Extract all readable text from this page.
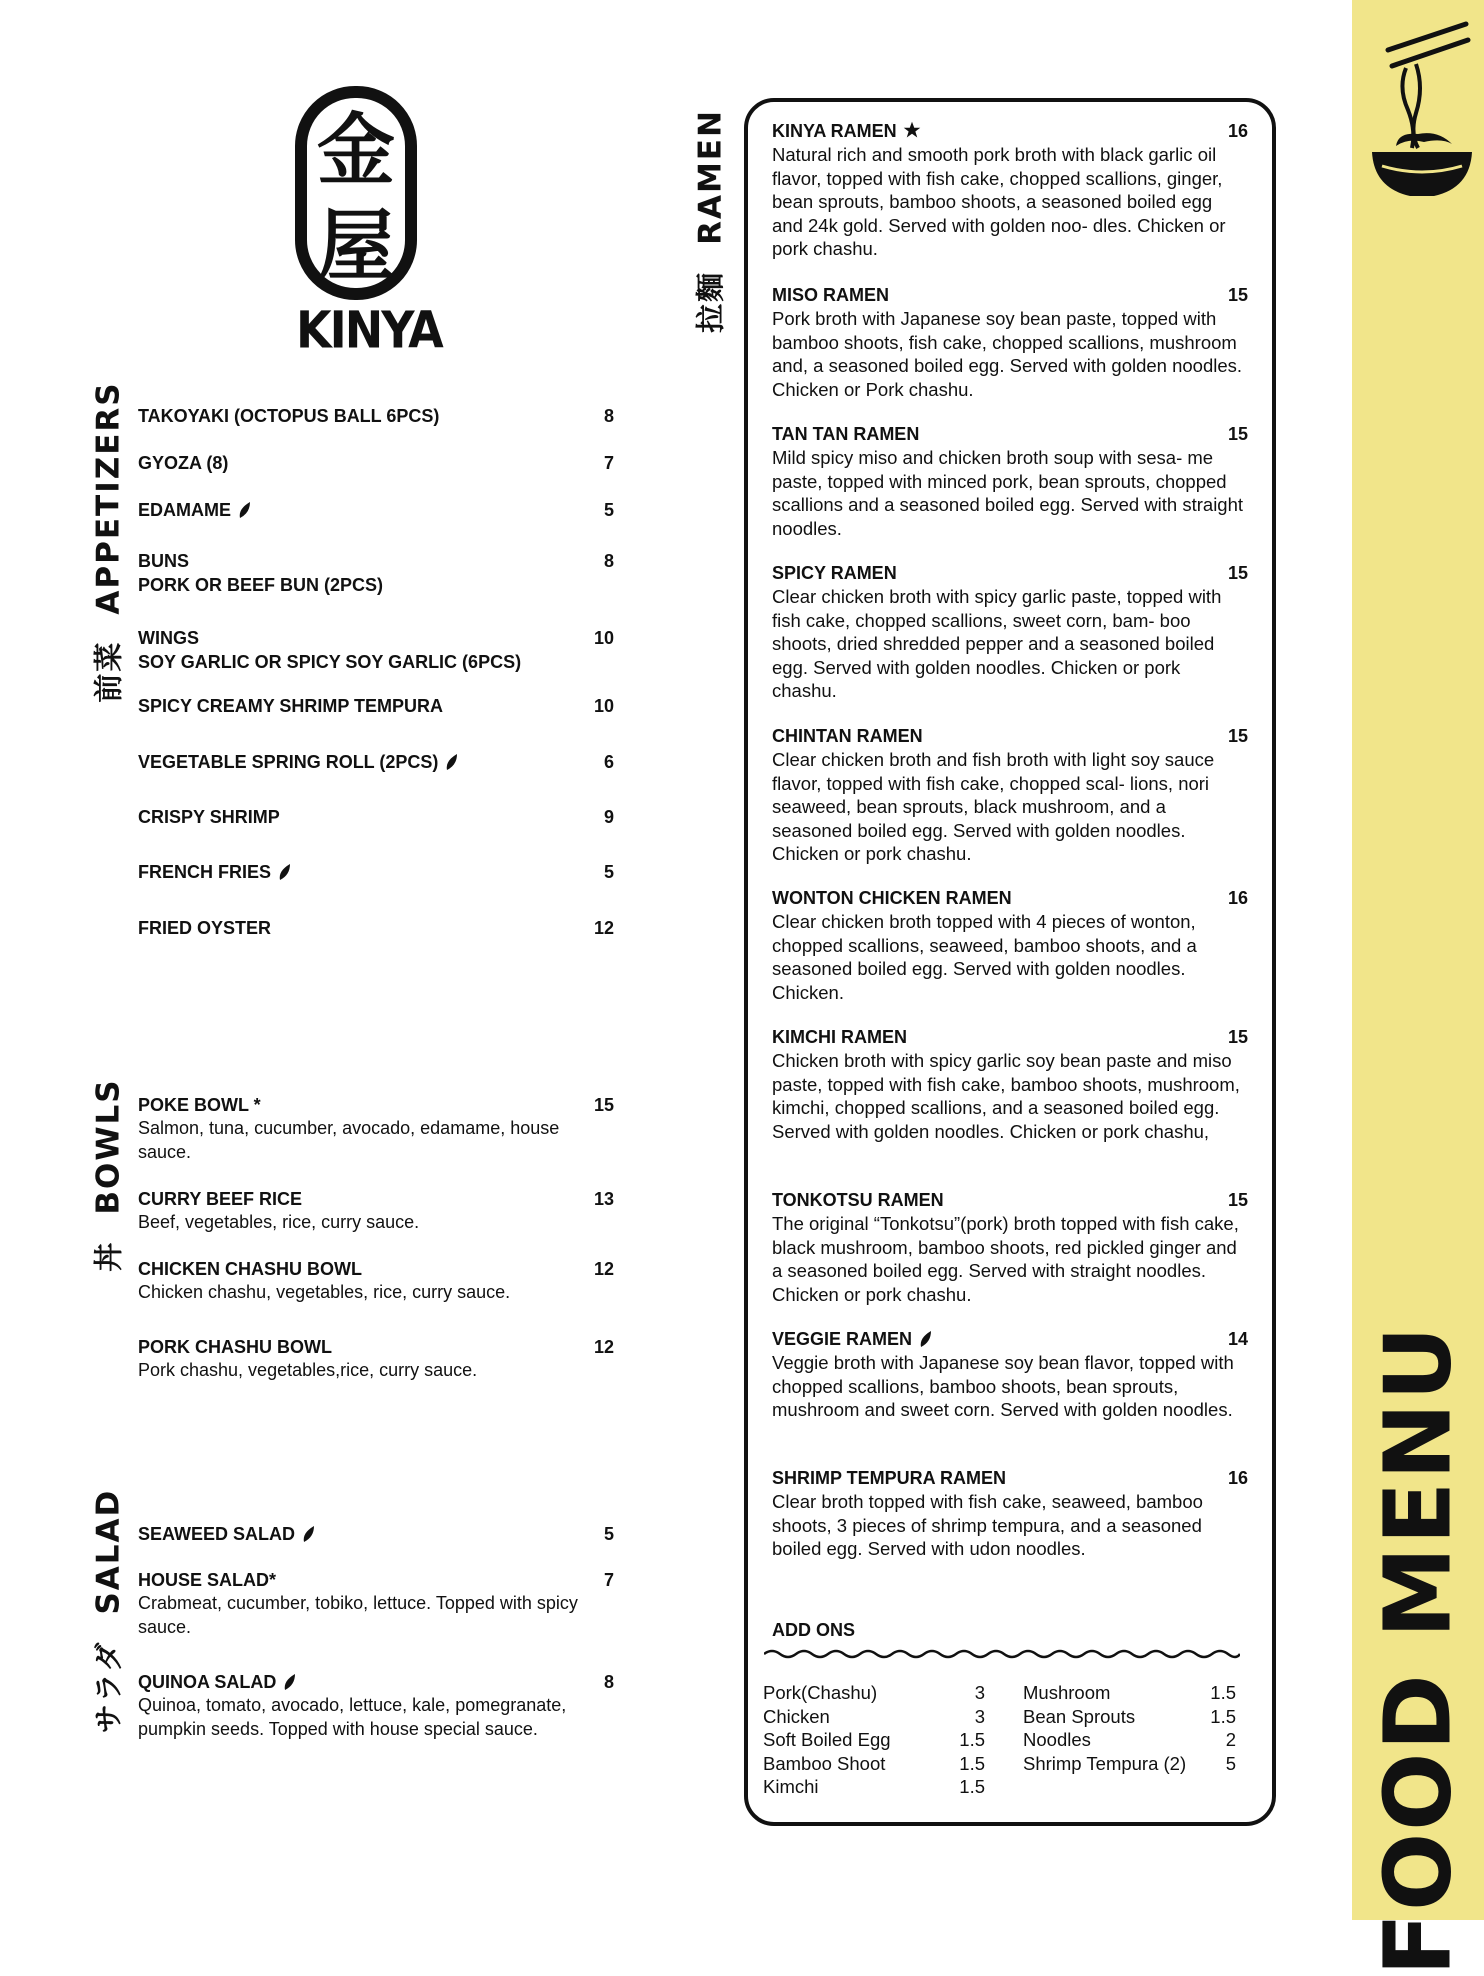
FOOD MENU
金
屋
KINYA
前菜APPETIZERS
丼BOWLS
サラダSALAD
拉麵RAMEN
TAKOYAKI (OCTOPUS BALL 6PCS)	8
GYOZA (8)	7
EDAMAME	5
BUNS	8
PORK OR BEEF BUN (2PCS)
WINGS	10
SOY GARLIC OR SPICY SOY GARLIC (6PCS)
SPICY CREAMY SHRIMP TEMPURA	10
VEGETABLE SPRING ROLL (2PCS)	6
CRISPY SHRIMP	9
FRENCH FRIES	5
FRIED OYSTER	12
POKE BOWL *	15
Salmon, tuna, cucumber, avocado, edamame, house sauce.
CURRY BEEF RICE	13
Beef, vegetables, rice, curry sauce.
CHICKEN CHASHU BOWL	12
Chicken chashu, vegetables, rice, curry sauce.
PORK CHASHU BOWL	12
Pork chashu, vegetables,rice, curry sauce.
SEAWEED SALAD	5
HOUSE SALAD*	7
Crabmeat, cucumber, tobiko, lettuce. Topped with spicy sauce.
QUINOA SALAD	8
Quinoa, tomato, avocado, lettuce, kale, pomegranate, pumpkin seeds. Topped with house special sauce.
KINYA RAMEN	16
Natural rich and smooth pork broth with black garlic oil flavor, topped with fish cake, chopped scallions, ginger, bean sprouts, bamboo shoots, a seasoned boiled egg and 24k gold. Served with golden noo- dles. Chicken or pork chashu.
MISO RAMEN	15
Pork broth with Japanese soy bean paste, topped with bamboo shoots, fish cake, chopped scallions, mushroom and, a seasoned boiled egg. Served with golden noodles. Chicken or Pork chashu.
TAN TAN RAMEN	15
Mild spicy miso and chicken broth soup with sesa- me paste, topped with minced pork, bean sprouts, chopped scallions and a seasoned boiled egg. Served with straight noodles.
SPICY RAMEN	15
Clear chicken broth with spicy garlic paste, topped with fish cake, chopped scallions, sweet corn, bam- boo shoots, dried shredded pepper and a seasoned boiled egg. Served with golden noodles. Chicken or pork chashu.
CHINTAN RAMEN	15
Clear chicken broth and fish broth with light soy sauce flavor, topped with fish cake, chopped scal- lions, nori seaweed, bean sprouts, black mushroom, and a seasoned boiled egg. Served with golden noodles. Chicken or pork chashu.
WONTON CHICKEN RAMEN	16
Clear chicken broth topped with 4 pieces of wonton, chopped scallions, seaweed, bamboo shoots, and a seasoned boiled egg. Served with golden noodles. Chicken.
KIMCHI RAMEN	15
Chicken broth with spicy garlic soy bean paste and miso paste, topped with fish cake, bamboo shoots, mushroom, kimchi, chopped scallions, and a seasoned boiled egg. Served with golden noodles. Chicken or pork chashu,
TONKOTSU RAMEN	15
The original “Tonkotsu”(pork) broth topped with fish cake, black mushroom, bamboo shoots, red pickled ginger and a seasoned boiled egg. Served with straight noodles. Chicken or pork chashu.
VEGGIE RAMEN	14
Veggie broth with Japanese soy bean flavor, topped with chopped scallions, bamboo shoots, bean sprouts, mushroom and sweet corn. Served with golden noodles.
SHRIMP TEMPURA RAMEN	16
Clear broth topped with fish cake, seaweed, bamboo shoots, 3 pieces of shrimp tempura, and a seasoned boiled egg. Served with udon noodles.
ADD ONS
Pork(Chashu)	3
Chicken	3
Soft Boiled Egg	1.5
Bamboo Shoot	1.5
Kimchi	1.5
Mushroom	1.5
Bean Sprouts	1.5
Noodles	2
Shrimp Tempura (2) 5
